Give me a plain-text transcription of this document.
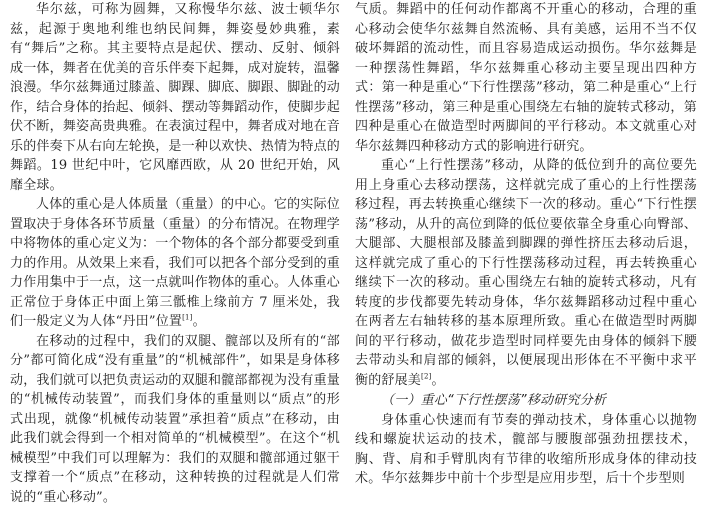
华尔兹，可称为圆舞，又称慢华尔兹、波士顿华尔兹，起源于奥地利维也纳民间舞，舞姿曼妙典雅，素有“舞后”之称。其主要特点是起伏、摆动、反射、倾斜成一体，舞者在优美的音乐伴奏下起舞，成对旋转，温馨浪漫。华尔兹舞通过膝盖、脚踝、脚底、脚跟、脚趾的动作，结合身体的抬起、倾斜、摆动等舞蹈动作，使脚步起伏不断，舞姿高贵典雅。在表演过程中，舞者成对地在音乐的伴奏下从右向左轮换，是一种以欢快、热情为特点的舞蹈。19 世纪中叶，它风靡西欧，从 20 世纪开始，风靡全球。

人体的重心是人体质量（重量）的中心。它的实际位置取决于身体各环节质量（重量）的分布情况。在物理学中将物体的重心定义为：一个物体的各个部分都要受到重力的作用。从效果上来看，我们可以把各个部分受到的重力作用集中于一点，这一点就叫作物体的重心。人体重心正常位于身体正中面上第三骶椎上缘前方 7 厘米处，我们一般定义为人体“丹田”位置[1]。

在移动的过程中，我们的双腿、髋部以及所有的“部分”都可简化成“没有重量”的“机械部件”，如果是身体移动，我们就可以把负责运动的双腿和髋部都视为没有重量的“机械传动装置”，而我们身体的重量则以“质点”的形式出现，就像“机械传动装置”承担着“质点”在移动，由此我们就会得到一个相对简单的“机械模型”。在这个“机械模型”中我们可以理解为：我们的双腿和髋部通过躯干支撑着一个“质点”在移动，这种转换的过程就是人们常说的“重心移动”。

气质。舞蹈中的任何动作都离不开重心的移动，合理的重心移动会使华尔兹舞自然流畅、具有美感，运用不当不仅破坏舞蹈的流动性，而且容易造成运动损伤。华尔兹舞是一种摆荡性舞蹈，华尔兹舞重心移动主要呈现出四种方式：第一种是重心“下行性摆荡”移动，第二种是重心“上行性摆荡”移动，第三种是重心围绕左右轴的旋转式移动，第四种是重心在做造型时两脚间的平行移动。本文就重心对华尔兹舞四种移动方式的影响进行研究。

重心“上行性摆荡”移动，从降的低位到升的高位要先用上身重心去移动摆荡，这样就完成了重心的上行性摆荡移过程，再去转换重心继续下一次的移动。重心“下行性摆荡”移动，从升的高位到降的低位要依靠全身重心向臀部、大腿部、大腿根部及膝盖到脚踝的弹性挤压去移动后退，这样就完成了重心的下行性摆荡移动过程，再去转换重心继续下一次的移动。重心围绕左右轴的旋转式移动，凡有转度的步伐都要先转动身体，华尔兹舞蹈移动过程中重心在两者左右轴转移的基本原理所致。重心在做造型时两脚间的平行移动，做花步造型时同样要先由身体的倾斜下腰去带动头和肩部的倾斜，以便展现出形体在不平衡中求平衡的舒展美[2]。

（一）重心“下行性摆荡”移动研究分析

身体重心快速而有节奏的弹动技术，身体重心以抛物线和螺旋状运动的技术，髋部与腰腹部强劲扭摆技术，胸、背、肩和手臂肌肉有节律的收缩所形成身体的律动技术。华尔兹舞步中前十个步型是应用步型，后十个步型则
